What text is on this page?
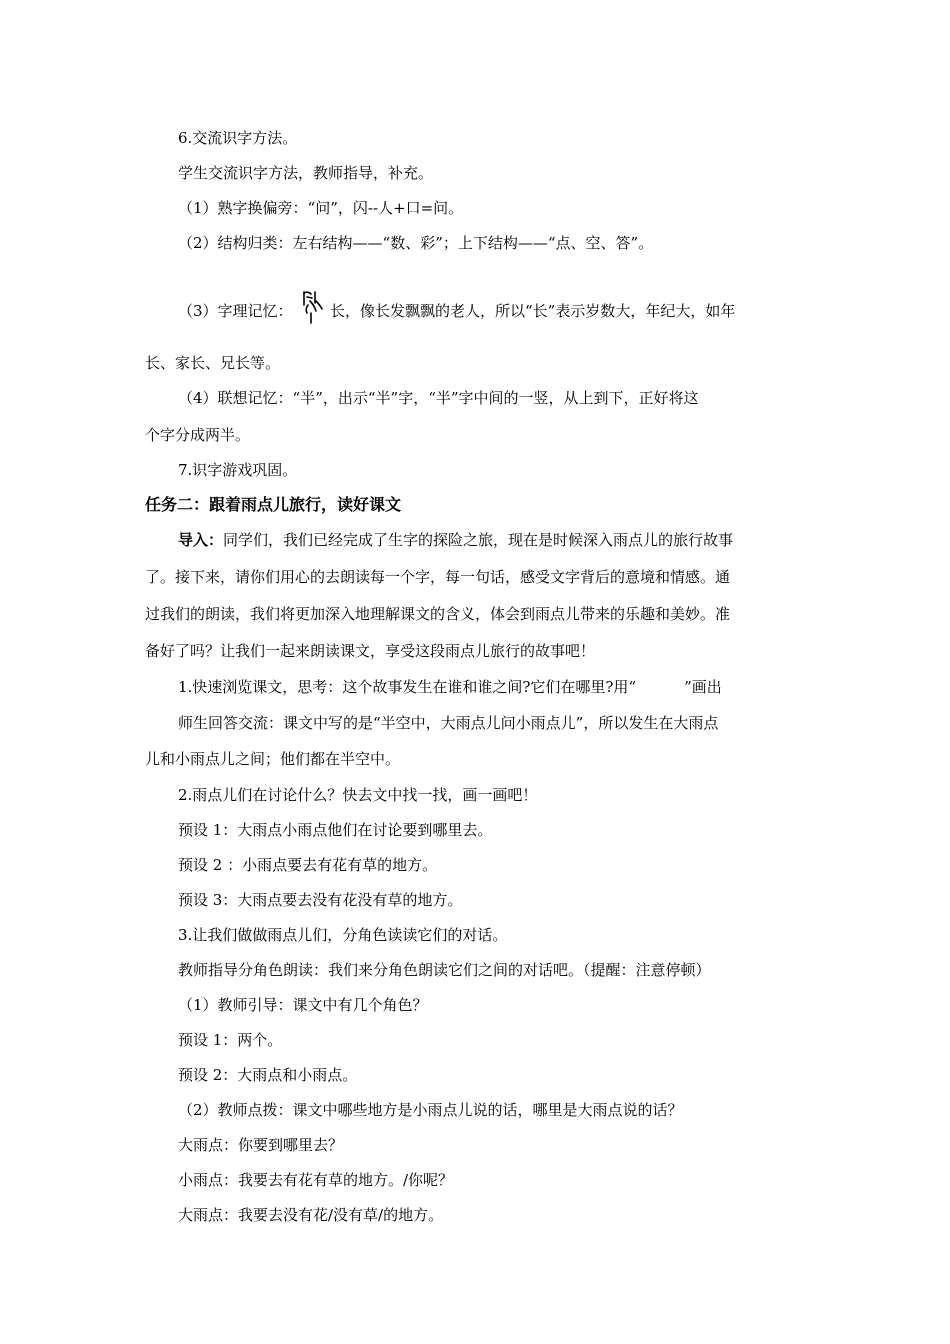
6.交流识字方法。
学生交流识字方法，教师指导，补充。
（1）熟字换偏旁：“问”，闪--人+口=问。
（2）结构归类：左右结构——“数、彩”；上下结构——“点、空、答”。
（3）字理记忆： 长，像长发飘飘的老人，所以“长”表示岁数大，年纪大，如年
长、家长、兄长等。
（4）联想记忆：“半”，出示“半”字，“半”字中间的一竖，从上到下，正好将这
个字分成两半。
7.识字游戏巩固。
任务二：跟着雨点儿旅行，读好课文
导入：同学们，我们已经完成了生字的探险之旅，现在是时候深入雨点儿的旅行故事
了。接下来，请你们用心的去朗读每一个字，每一句话，感受文字背后的意境和情感。通
过我们的朗读，我们将更加深入地理解课文的含义，体会到雨点儿带来的乐趣和美妙。准
备好了吗？让我们一起来朗读课文，享受这段雨点儿旅行的故事吧！
1.快速浏览课文，思考：这个故事发生在谁和谁之间?它们在哪里?用“	”画出
师生回答交流：课文中写的是“半空中，大雨点儿问小雨点儿”，所以发生在大雨点
儿和小雨点儿之间；他们都在半空中。
2.雨点儿们在讨论什么？快去文中找一找，画一画吧！
预设 1：大雨点小雨点他们在讨论要到哪里去。
预设 2 ：小雨点要去有花有草的地方。
预设 3：大雨点要去没有花没有草的地方。
3.让我们做做雨点儿们，分角色读读它们的对话。
教师指导分角色朗读：我们来分角色朗读它们之间的对话吧。（提醒：注意停顿）
（1）教师引导：课文中有几个角色？
预设 1：两个。
预设 2：大雨点和小雨点。
（2）教师点拨：课文中哪些地方是小雨点儿说的话，哪里是大雨点说的话？
大雨点：你要到哪里去？
小雨点：我要去有花有草的地方。/你呢？
大雨点：我要去没有花/没有草/的地方。
